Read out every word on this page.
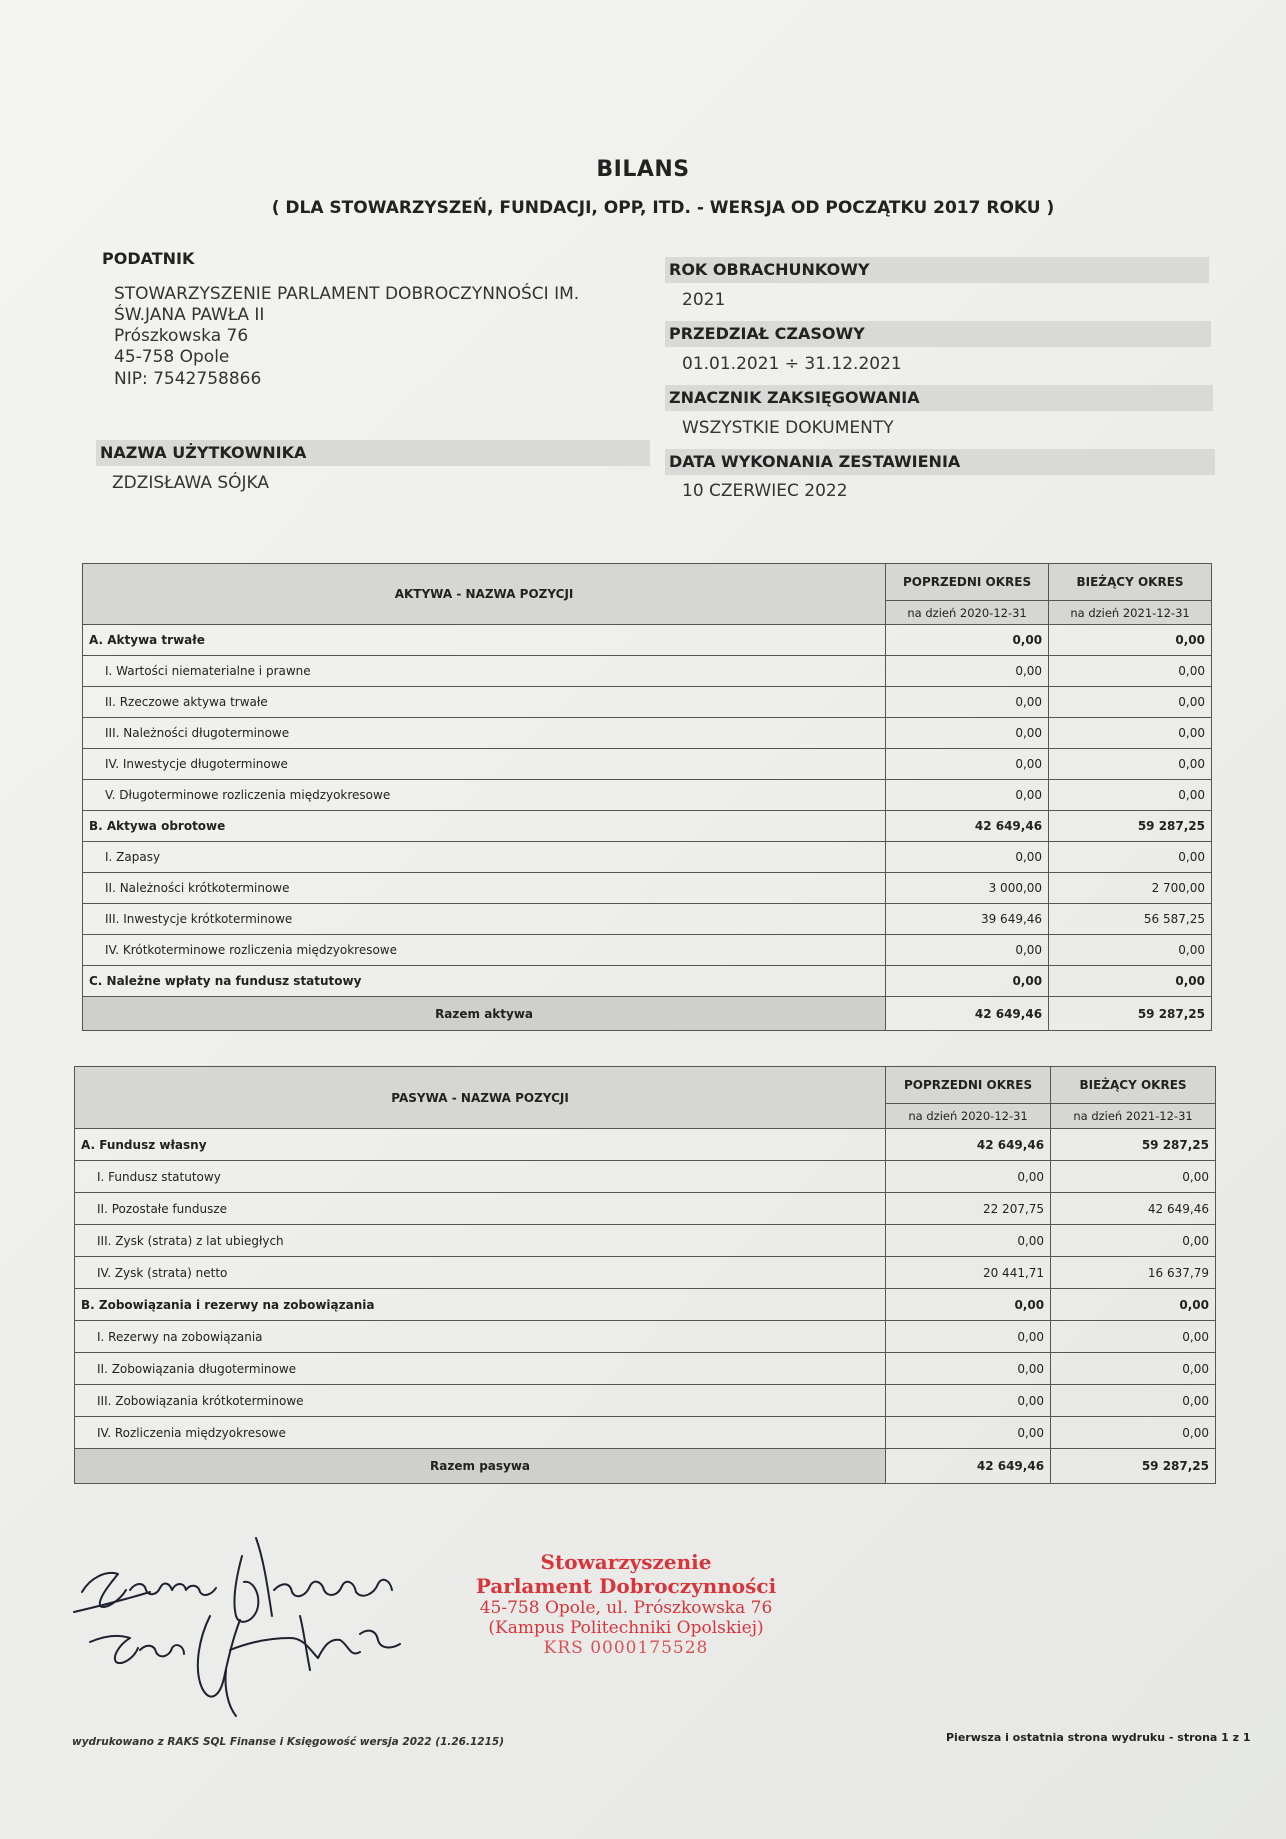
BILANS
( DLA STOWARZYSZEŃ, FUNDACJI, OPP, ITD. - WERSJA OD POCZĄTKU 2017 ROKU )
PODATNIK
STOWARZYSZENIE PARLAMENT DOBROCZYNNOŚCI IM.
ŚW.JANA PAWŁA II
Prószkowska 76
45-758 Opole
NIP: 7542758866
NAZWA UŻYTKOWNIKA
ZDZISŁAWA SÓJKA
ROK OBRACHUNKOWY
2021
PRZEDZIAŁ CZASOWY
01.01.2021 ÷ 31.12.2021
ZNACZNIK ZAKSIĘGOWANIA
WSZYSTKIE DOKUMENTY
DATA WYKONANIA ZESTAWIENIA
10 CZERWIEC 2022
AKTYWA - NAZWA POZYCJI	POPRZEDNI OKRES	BIEŻĄCY OKRES
	na dzień 2020-12-31	na dzień 2021-12-31
A. Aktywa trwałe	0,00	0,00
I. Wartości niematerialne i prawne	0,00	0,00
II. Rzeczowe aktywa trwałe	0,00	0,00
III. Należności długoterminowe	0,00	0,00
IV. Inwestycje długoterminowe	0,00	0,00
V. Długoterminowe rozliczenia międzyokresowe	0,00	0,00
B. Aktywa obrotowe	42 649,46	59 287,25
I. Zapasy	0,00	0,00
II. Należności krótkoterminowe	3 000,00	2 700,00
III. Inwestycje krótkoterminowe	39 649,46	56 587,25
IV. Krótkoterminowe rozliczenia międzyokresowe	0,00	0,00
C. Należne wpłaty na fundusz statutowy	0,00	0,00
Razem aktywa	42 649,46	59 287,25
PASYWA - NAZWA POZYCJI	POPRZEDNI OKRES	BIEŻĄCY OKRES
	na dzień 2020-12-31	na dzień 2021-12-31
A. Fundusz własny	42 649,46	59 287,25
I. Fundusz statutowy	0,00	0,00
II. Pozostałe fundusze	22 207,75	42 649,46
III. Zysk (strata) z lat ubiegłych	0,00	0,00
IV. Zysk (strata) netto	20 441,71	16 637,79
B. Zobowiązania i rezerwy na zobowiązania	0,00	0,00
I. Rezerwy na zobowiązania	0,00	0,00
II. Zobowiązania długoterminowe	0,00	0,00
III. Zobowiązania krótkoterminowe	0,00	0,00
IV. Rozliczenia międzyokresowe	0,00	0,00
Razem pasywa	42 649,46	59 287,25
Stowarzyszenie
Parlament Dobroczynności
45-758 Opole, ul. Prószkowska 76
(Kampus Politechniki Opolskiej)
KRS 0000175528
wydrukowano z RAKS SQL Finanse i Księgowość wersja 2022 (1.26.1215)	Pierwsza i ostatnia strona wydruku - strona 1 z 1
